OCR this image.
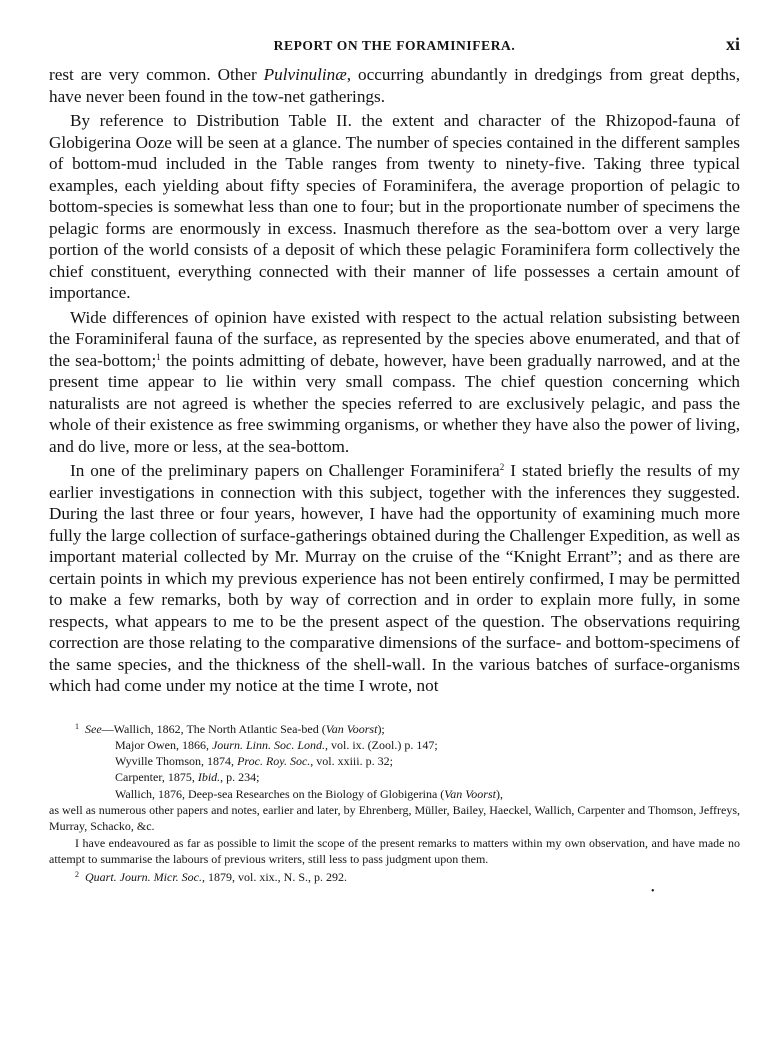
REPORT ON THE FORAMINIFERA.	xi

rest are very common. Other Pulvinulinæ, occurring abundantly in dredgings from great depths, have never been found in the tow-net gatherings.

By reference to Distribution Table II. the extent and character of the Rhizopod-fauna of Globigerina Ooze will be seen at a glance. The number of species contained in the different samples of bottom-mud included in the Table ranges from twenty to ninety-five. Taking three typical examples, each yielding about fifty species of Foraminifera, the average proportion of pelagic to bottom-species is somewhat less than one to four; but in the proportionate number of specimens the pelagic forms are enormously in excess. Inasmuch therefore as the sea-bottom over a very large portion of the world consists of a deposit of which these pelagic Foraminifera form collectively the chief constituent, everything connected with their manner of life possesses a certain amount of importance.

Wide differences of opinion have existed with respect to the actual relation subsisting between the Foraminiferal fauna of the surface, as represented by the species above enumerated, and that of the sea-bottom;$^1$ the points admitting of debate, however, have been gradually narrowed, and at the present time appear to lie within very small compass. The chief question concerning which naturalists are not agreed is whether the species referred to are exclusively pelagic, and pass the whole of their existence as free swimming organisms, or whether they have also the power of living, and do live, more or less, at the sea-bottom.

In one of the preliminary papers on Challenger Foraminifera$^2$ I stated briefly the results of my earlier investigations in connection with this subject, together with the inferences they suggested. During the last three or four years, however, I have had the opportunity of examining much more fully the large collection of surface-gatherings obtained during the Challenger Expedition, as well as important material collected by Mr. Murray on the cruise of the “Knight Errant”; and as there are certain points in which my previous experience has not been entirely confirmed, I may be permitted to make a few remarks, both by way of correction and in order to explain more fully, in some respects, what appears to me to be the present aspect of the question. The observations requiring correction are those relating to the comparative dimensions of the surface- and bottom-specimens of the same species, and the thickness of the shell-wall. In the various batches of surface-organisms which had come under my notice at the time I wrote, not

$^1$ See—Wallich, 1862, The North Atlantic Sea-bed (Van Voorst);
Major Owen, 1866, Journ. Linn. Soc. Lond., vol. ix. (Zool.) p. 147;
Wyville Thomson, 1874, Proc. Roy. Soc., vol. xxiii. p. 32;
Carpenter, 1875, Ibid., p. 234;
Wallich, 1876, Deep-sea Researches on the Biology of Globigerina (Van Voorst),
as well as numerous other papers and notes, earlier and later, by Ehrenberg, Müller, Bailey, Haeckel, Wallich, Carpenter and Thomson, Jeffreys, Murray, Schacko, &c.
I have endeavoured as far as possible to limit the scope of the present remarks to matters within my own observation, and have made no attempt to summarise the labours of previous writers, still less to pass judgment upon them.
$^2$ Quart. Journ. Micr. Soc., 1879, vol. xix., N. S., p. 292.
•
